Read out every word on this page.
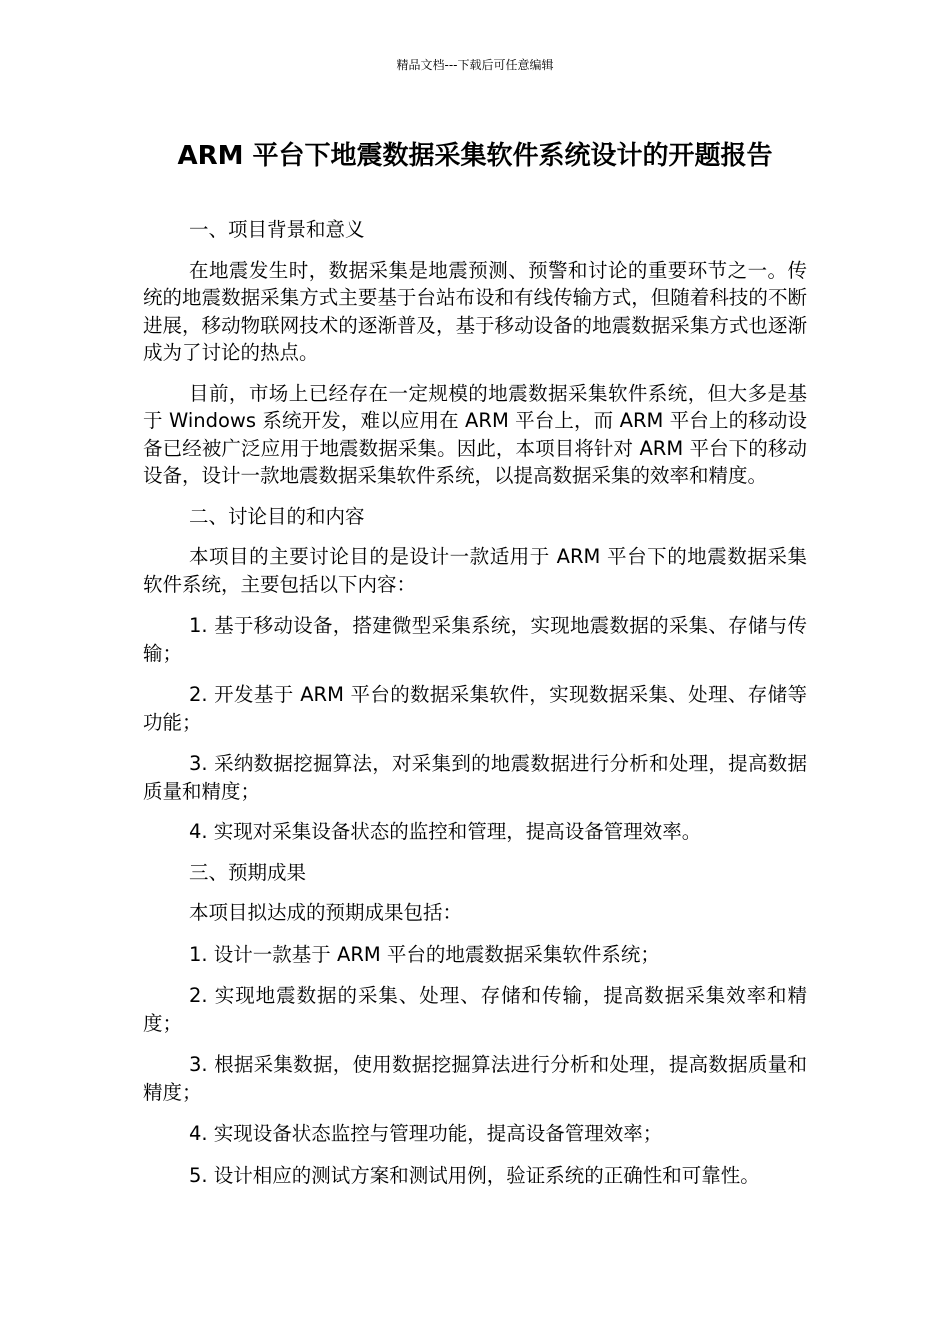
精品文档---下载后可任意编辑
ARM 平台下地震数据采集软件系统设计的开题报告

一、项目背景和意义

在地震发生时，数据采集是地震预测、预警和讨论的重要环节之一。传统的地震数据采集方式主要基于台站布设和有线传输方式，但随着科技的不断进展，移动物联网技术的逐渐普及，基于移动设备的地震数据采集方式也逐渐成为了讨论的热点。

目前，市场上已经存在一定规模的地震数据采集软件系统，但大多是基于 Windows 系统开发，难以应用在 ARM 平台上，而 ARM 平台上的移动设备已经被广泛应用于地震数据采集。因此，本项目将针对 ARM 平台下的移动设备，设计一款地震数据采集软件系统，以提高数据采集的效率和精度。

二、讨论目的和内容

本项目的主要讨论目的是设计一款适用于 ARM 平台下的地震数据采集软件系统，主要包括以下内容：

1. 基于移动设备，搭建微型采集系统，实现地震数据的采集、存储与传输；

2. 开发基于 ARM 平台的数据采集软件，实现数据采集、处理、存储等功能；

3. 采纳数据挖掘算法，对采集到的地震数据进行分析和处理，提高数据质量和精度；

4. 实现对采集设备状态的监控和管理，提高设备管理效率。

三、预期成果

本项目拟达成的预期成果包括：

1. 设计一款基于 ARM 平台的地震数据采集软件系统；

2. 实现地震数据的采集、处理、存储和传输，提高数据采集效率和精度；

3. 根据采集数据，使用数据挖掘算法进行分析和处理，提高数据质量和精度；

4. 实现设备状态监控与管理功能，提高设备管理效率；

5. 设计相应的测试方案和测试用例，验证系统的正确性和可靠性。
